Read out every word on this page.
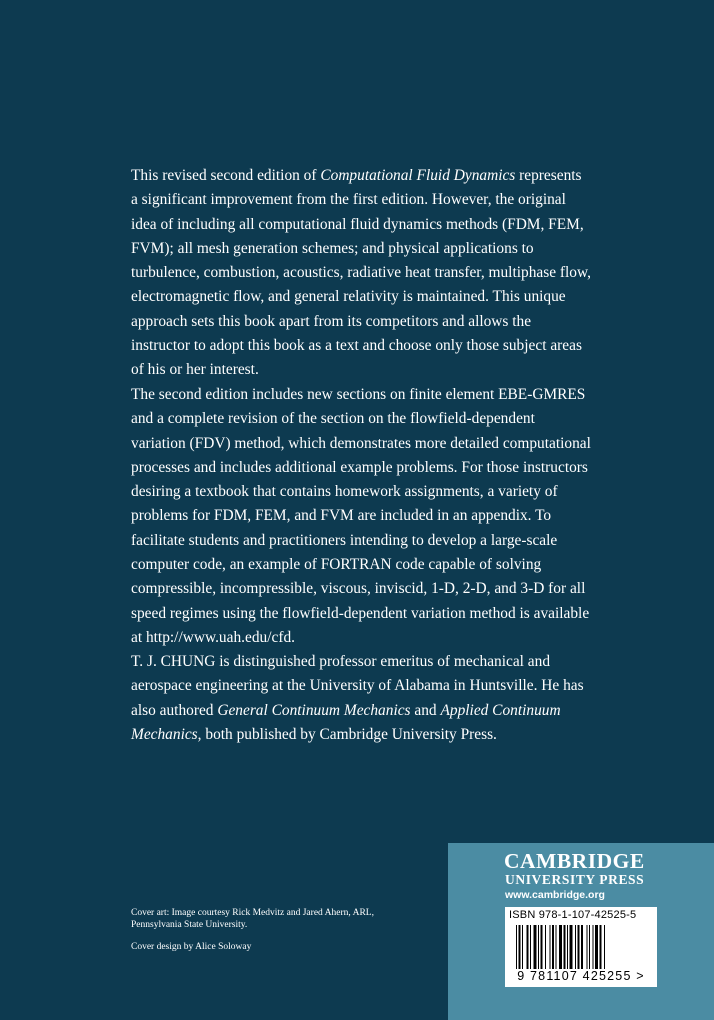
This revised second edition of Computational Fluid Dynamics represents a significant improvement from the first edition. However, the original idea of including all computational fluid dynamics methods (FDM, FEM, FVM); all mesh generation schemes; and physical applications to turbulence, combustion, acoustics, radiative heat transfer, multiphase flow, electromagnetic flow, and general relativity is maintained. This unique approach sets this book apart from its competitors and allows the instructor to adopt this book as a text and choose only those subject areas of his or her interest.

The second edition includes new sections on finite element EBE-GMRES and a complete revision of the section on the flowfield-dependent variation (FDV) method, which demonstrates more detailed computational processes and includes additional example problems. For those instructors desiring a textbook that contains homework assignments, a variety of problems for FDM, FEM, and FVM are included in an appendix. To facilitate students and practitioners intending to develop a large-scale computer code, an example of FORTRAN code capable of solving compressible, incompressible, viscous, inviscid, 1-D, 2-D, and 3-D for all speed regimes using the flowfield-dependent variation method is available at http://www.uah.edu/cfd.

T. J. CHUNG is distinguished professor emeritus of mechanical and aerospace engineering at the University of Alabama in Huntsville. He has also authored General Continuum Mechanics and Applied Continuum Mechanics, both published by Cambridge University Press.

Cover art: Image courtesy Rick Medvitz and Jared Ahern, ARL, Pennsylvania State University.
Cover design by Alice Soloway
CAMBRIDGE
UNIVERSITY PRESS
www.cambridge.org
ISBN 978-1-107-42525-5
9 781107 425255 >
